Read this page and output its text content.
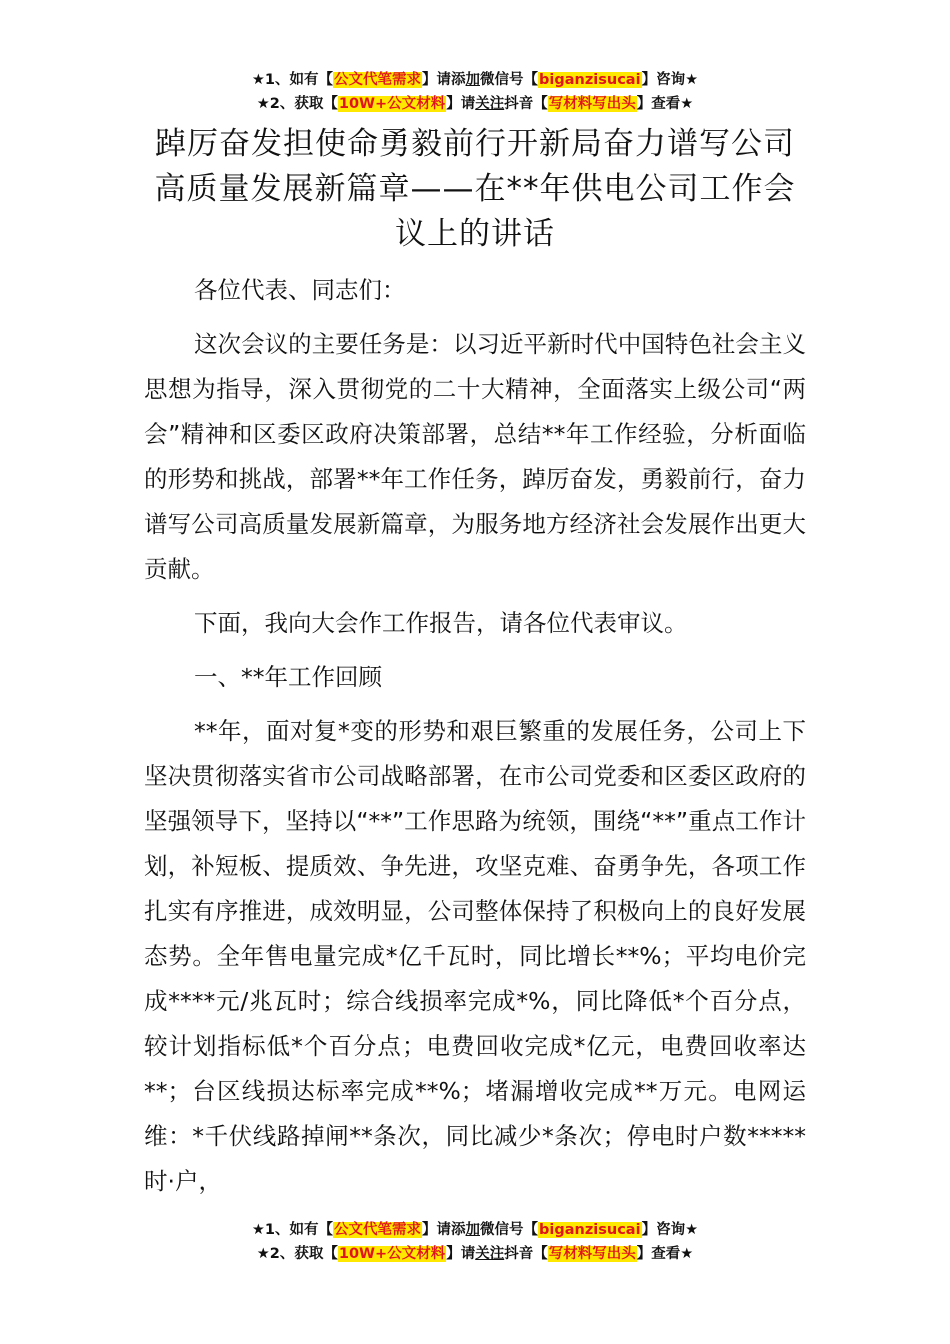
★1、如有【公文代笔需求】请添加微信号【biganzisucai】咨询★
★2、获取【10W+公文材料】请关注抖音【写材料写出头】查看★
踔厉奋发担使命勇毅前行开新局奋力谱写公司高质量发展新篇章——在**年供电公司工作会议上的讲话

各位代表、同志们：

这次会议的主要任务是：以习近平新时代中国特色社会主义思想为指导，深入贯彻党的二十大精神，全面落实上级公司“两会”精神和区委区政府决策部署，总结**年工作经验，分析面临的形势和挑战，部署**年工作任务，踔厉奋发，勇毅前行，奋力谱写公司高质量发展新篇章，为服务地方经济社会发展作出更大贡献。

下面，我向大会作工作报告，请各位代表审议。

一、**年工作回顾

**年，面对复*变的形势和艰巨繁重的发展任务，公司上下坚决贯彻落实省市公司战略部署，在市公司党委和区委区政府的坚强领导下，坚持以“**”工作思路为统领，围绕“**”重点工作计划，补短板、提质效、争先进，攻坚克难、奋勇争先，各项工作扎实有序推进，成效明显，公司整体保持了积极向上的良好发展态势。全年售电量完成*亿千瓦时，同比增长**%；平均电价完成****元/兆瓦时；综合线损率完成*%，同比降低*个百分点，较计划指标低*个百分点；电费回收完成*亿元，电费回收率达**；台区线损达标率完成**%；堵漏增收完成**万元。电网运维：*千伏线路掉闸**条次，同比减少*条次；停电时户数*****时·户，

★1、如有【公文代笔需求】请添加微信号【biganzisucai】咨询★
★2、获取【10W+公文材料】请关注抖音【写材料写出头】查看★
